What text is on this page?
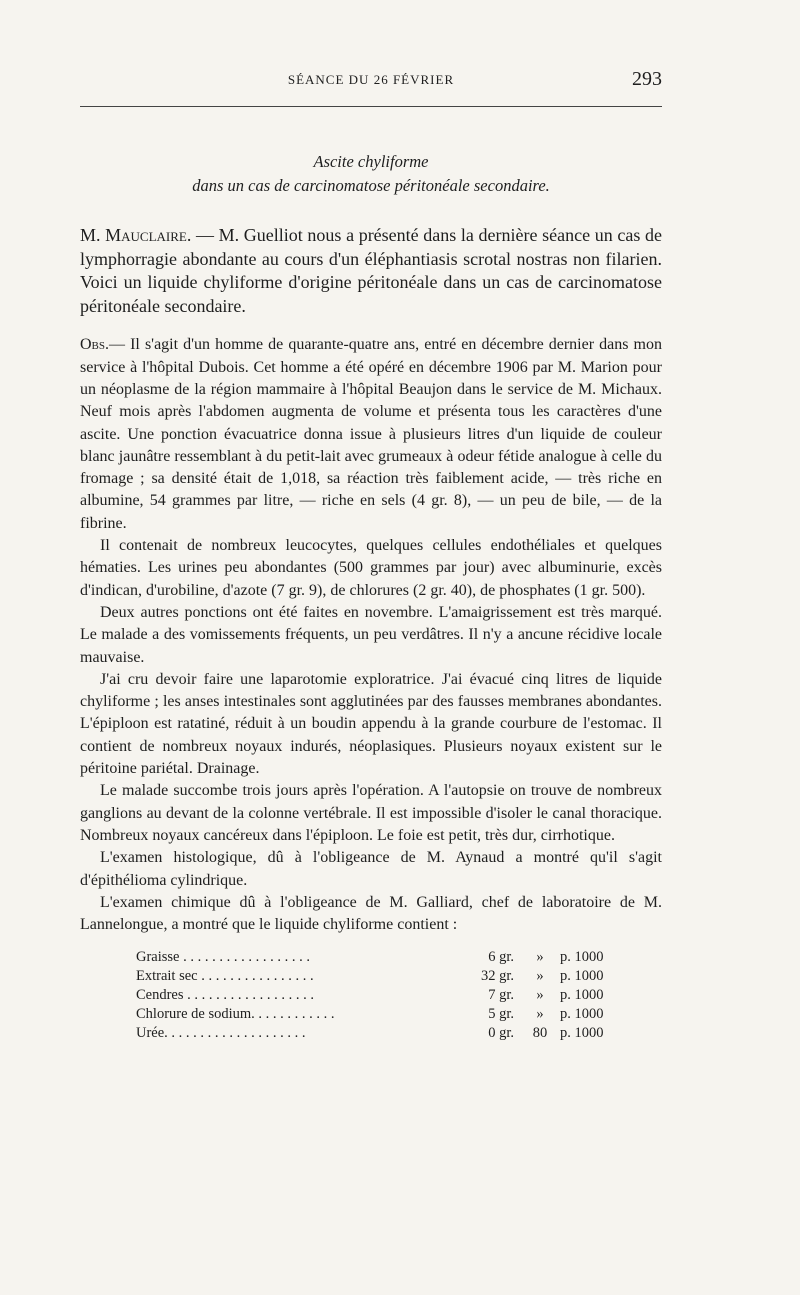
SÉANCE DU 26 FÉVRIER	293
Ascite chyliforme
dans un cas de carcinomatose péritonéale secondaire.

M. Mauclaire. — M. Guelliot nous a présenté dans la dernière séance un cas de lymphorragie abondante au cours d'un éléphantiasis scrotal nostras non filarien. Voici un liquide chyliforme d'origine péritonéale dans un cas de carcinomatose péritonéale secondaire.

Obs.— Il s'agit d'un homme de quarante-quatre ans, entré en décembre dernier dans mon service à l'hôpital Dubois. Cet homme a été opéré en décembre 1906 par M. Marion pour un néoplasme de la région mammaire à l'hôpital Beaujon dans le service de M. Michaux. Neuf mois après l'abdomen augmenta de volume et présenta tous les caractères d'une ascite. Une ponction évacuatrice donna issue à plusieurs litres d'un liquide de couleur blanc jaunâtre ressemblant à du petit-lait avec grumeaux à odeur fétide analogue à celle du fromage ; sa densité était de 1,018, sa réaction très faiblement acide, — très riche en albumine, 54 grammes par litre, — riche en sels (4 gr. 8), — un peu de bile, — de la fibrine.

Il contenait de nombreux leucocytes, quelques cellules endothéliales et quelques hématies. Les urines peu abondantes (500 grammes par jour) avec albuminurie, excès d'indican, d'urobiline, d'azote (7 gr. 9), de chlorures (2 gr. 40), de phosphates (1 gr. 500).

Deux autres ponctions ont été faites en novembre. L'amaigrissement est très marqué. Le malade a des vomissements fréquents, un peu verdâtres. Il n'y a ancune récidive locale mauvaise.

J'ai cru devoir faire une laparotomie exploratrice. J'ai évacué cinq litres de liquide chyliforme ; les anses intestinales sont agglutinées par des fausses membranes abondantes. L'épiploon est ratatiné, réduit à un boudin appendu à la grande courbure de l'estomac. Il contient de nombreux noyaux indurés, néoplasiques. Plusieurs noyaux existent sur le péritoine pariétal. Drainage.

Le malade succombe trois jours après l'opération. A l'autopsie on trouve de nombreux ganglions au devant de la colonne vertébrale. Il est impossible d'isoler le canal thoracique. Nombreux noyaux cancéreux dans l'épiploon. Le foie est petit, très dur, cirrhotique.

L'examen histologique, dû à l'obligeance de M. Aynaud a montré qu'il s'agit d'épithélioma cylindrique.

L'examen chimique dû à l'obligeance de M. Galliard, chef de laboratoire de M. Lannelongue, a montré que le liquide chyliforme contient :

Graisse . . . . . . . . . . . . . . . . . .	6 gr.	»	p. 1000
Extrait sec . . . . . . . . . . . . . . . .	32 gr.	»	p. 1000
Cendres . . . . . . . . . . . . . . . . . .	7 gr.	»	p. 1000
Chlorure de sodium. . . . . . . . . . . .	5 gr.	»	p. 1000
Urée. . . . . . . . . . . . . . . . . . . .	0 gr.	80	p. 1000
